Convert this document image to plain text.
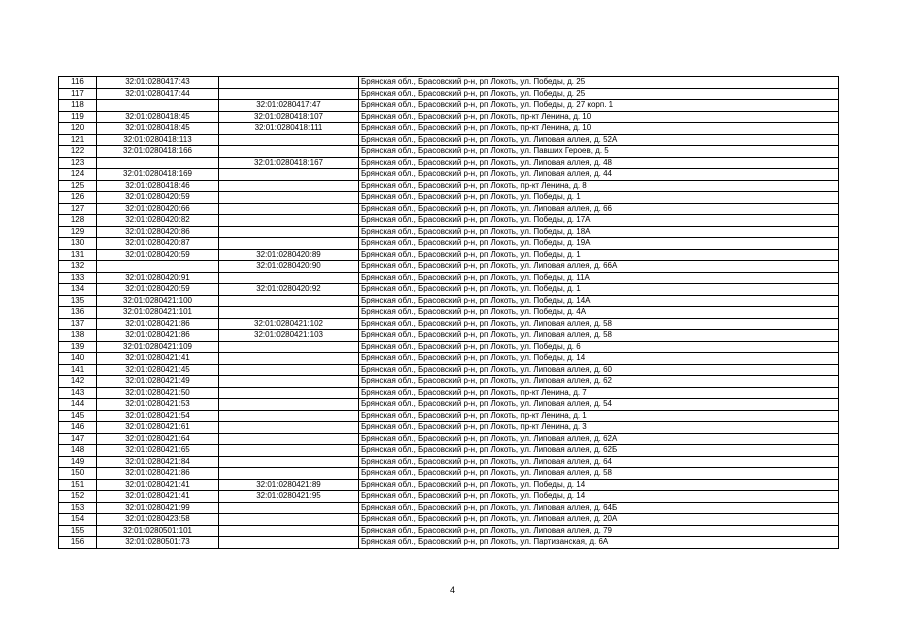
116	32:01:0280417:43		Брянская обл., Брасовский р-н, рп Локоть, ул. Победы, д. 25
117	32:01:0280417:44		Брянская обл., Брасовский р-н, рп Локоть, ул. Победы, д. 25
118		32:01:0280417:47	Брянская обл., Брасовский р-н, рп Локоть, ул. Победы, д. 27 корп. 1
119	32:01:0280418:45	32:01:0280418:107	Брянская обл., Брасовский р-н, рп Локоть, пр-кт Ленина, д. 10
120	32:01:0280418:45	32:01:0280418:111	Брянская обл., Брасовский р-н, рп Локоть, пр-кт Ленина, д. 10
121	32:01:0280418:113		Брянская обл., Брасовский р-н, рп Локоть, ул. Липовая аллея, д. 52А
122	32:01:0280418:166		Брянская обл., Брасовский р-н, рп Локоть, ул. Павших Героев, д. 5
123		32:01:0280418:167	Брянская обл., Брасовский р-н, рп Локоть, ул. Липовая аллея, д. 48
124	32:01:0280418:169		Брянская обл., Брасовский р-н, рп Локоть, ул. Липовая аллея, д. 44
125	32:01:0280418:46		Брянская обл., Брасовский р-н, рп Локоть, пр-кт Ленина, д. 8
126	32:01:0280420:59		Брянская обл., Брасовский р-н, рп Локоть, ул. Победы, д. 1
127	32:01:0280420:66		Брянская обл., Брасовский р-н, рп Локоть, ул. Липовая аллея, д. 66
128	32:01:0280420:82		Брянская обл., Брасовский р-н, рп Локоть, ул. Победы, д. 17А
129	32:01:0280420:86		Брянская обл., Брасовский р-н, рп Локоть, ул. Победы, д. 18А
130	32:01:0280420:87		Брянская обл., Брасовский р-н, рп Локоть, ул. Победы, д. 19А
131	32:01:0280420:59	32:01:0280420:89	Брянская обл., Брасовский р-н, рп Локоть, ул. Победы, д. 1
132		32:01:0280420:90	Брянская обл., Брасовский р-н, рп Локоть, ул. Липовая аллея, д. 66А
133	32:01:0280420:91		Брянская обл., Брасовский р-н, рп Локоть, ул. Победы, д. 11А
134	32:01:0280420:59	32:01:0280420:92	Брянская обл., Брасовский р-н, рп Локоть, ул. Победы, д. 1
135	32:01:0280421:100		Брянская обл., Брасовский р-н, рп Локоть, ул. Победы, д. 14А
136	32:01:0280421:101		Брянская обл., Брасовский р-н, рп Локоть, ул. Победы, д. 4А
137	32:01:0280421:86	32:01:0280421:102	Брянская обл., Брасовский р-н, рп Локоть, ул. Липовая аллея, д. 58
138	32:01:0280421:86	32:01:0280421:103	Брянская обл., Брасовский р-н, рп Локоть, ул. Липовая аллея, д. 58
139	32:01:0280421:109		Брянская обл., Брасовский р-н, рп Локоть, ул. Победы, д. 6
140	32:01:0280421:41		Брянская обл., Брасовский р-н, рп Локоть, ул. Победы, д. 14
141	32:01:0280421:45		Брянская обл., Брасовский р-н, рп Локоть, ул. Липовая аллея, д. 60
142	32:01:0280421:49		Брянская обл., Брасовский р-н, рп Локоть, ул. Липовая аллея, д. 62
143	32:01:0280421:50		Брянская обл., Брасовский р-н, рп Локоть, пр-кт Ленина, д. 7
144	32:01:0280421:53		Брянская обл., Брасовский р-н, рп Локоть, ул. Липовая аллея, д. 54
145	32:01:0280421:54		Брянская обл., Брасовский р-н, рп Локоть, пр-кт Ленина, д. 1
146	32:01:0280421:61		Брянская обл., Брасовский р-н, рп Локоть, пр-кт Ленина, д. 3
147	32:01:0280421:64		Брянская обл., Брасовский р-н, рп Локоть, ул. Липовая аллея, д. 62А
148	32:01:0280421:65		Брянская обл., Брасовский р-н, рп Локоть, ул. Липовая аллея, д. 62Б
149	32:01:0280421:84		Брянская обл., Брасовский р-н, рп Локоть, ул. Липовая аллея, д. 64
150	32:01:0280421:86		Брянская обл., Брасовский р-н, рп Локоть, ул. Липовая аллея, д. 58
151	32:01:0280421:41	32:01:0280421:89	Брянская обл., Брасовский р-н, рп Локоть, ул. Победы, д. 14
152	32:01:0280421:41	32:01:0280421:95	Брянская обл., Брасовский р-н, рп Локоть, ул. Победы, д. 14
153	32:01:0280421:99		Брянская обл., Брасовский р-н, рп Локоть, ул. Липовая аллея, д. 64Б
154	32:01:0280423:58		Брянская обл., Брасовский р-н, рп Локоть, ул. Липовая аллея, д. 20А
155	32:01:0280501:101		Брянская обл., Брасовский р-н, рп Локоть, ул. Липовая аллея, д. 79
156	32:01:0280501:73		Брянская обл., Брасовский р-н, рп Локоть, ул. Партизанская, д. 6А
4
